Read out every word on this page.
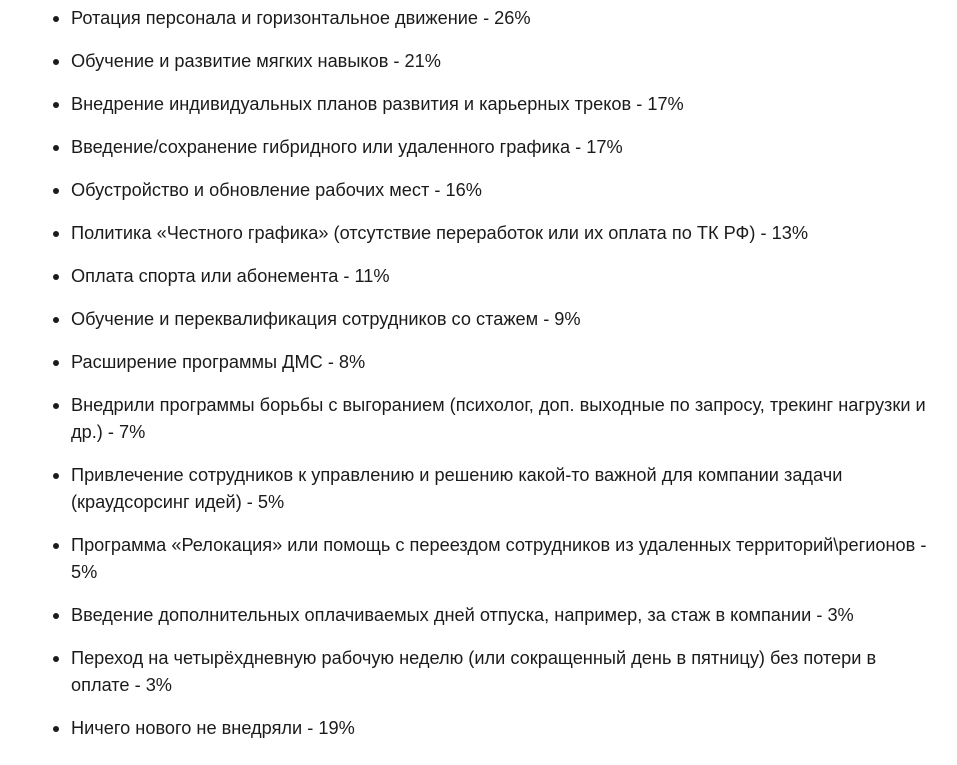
Ротация персонала и горизонтальное движение - 26%
Обучение и развитие мягких навыков - 21%
Внедрение индивидуальных планов развития и карьерных треков - 17%
Введение/сохранение гибридного или удаленного графика - 17%
Обустройство и обновление рабочих мест - 16%
Политика «Честного графика» (отсутствие переработок или их оплата по ТК РФ) - 13%
Оплата спорта или абонемента - 11%
Обучение и переквалификация сотрудников со стажем - 9%
Расширение программы ДМС - 8%
Внедрили программы борьбы с выгоранием (психолог, доп. выходные по запросу, трекинг нагрузки и др.) - 7%
Привлечение сотрудников к управлению и решению какой-то важной для компании задачи (краудсорсинг идей) - 5%
Программа «Релокация» или помощь с переездом сотрудников из удаленных территорий\регионов - 5%
Введение дополнительных оплачиваемых дней отпуска, например, за стаж в компании - 3%
Переход на четырёхдневную рабочую неделю (или сокращенный день в пятницу) без потери в оплате - 3%
Ничего нового не внедряли - 19%
